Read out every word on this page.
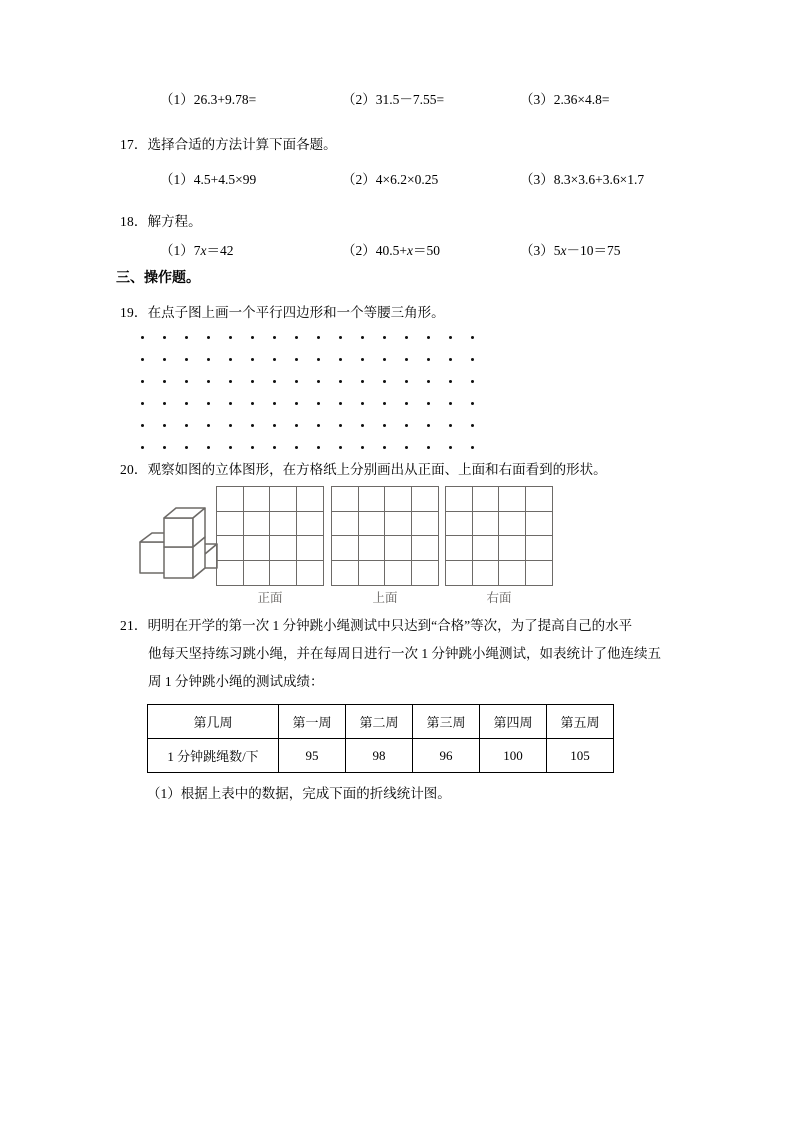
（1）26.3+9.78=	（2）31.5－7.55=	（3）2.36×4.8=
17．选择合适的方法计算下面各题。
（1）4.5+4.5×99	（2）4×6.2×0.25	（3）8.3×3.6+3.6×1.7
18．解方程。
（1）7x＝42	（2）40.5+x＝50	（3）5x－10＝75
三、操作题。
19．在点子图上画一个平行四边形和一个等腰三角形。
20．观察如图的立体图形，在方格纸上分别画出从正面、上面和右面看到的形状。
正面	上面	右面
21．明明在开学的第一次 1 分钟跳小绳测试中只达到“合格”等次，为了提高自己的水平
他每天坚持练习跳小绳，并在每周日进行一次 1 分钟跳小绳测试，如表统计了他连续五
周 1 分钟跳小绳的测试成绩：
第几周	第一周	第二周	第三周	第四周	第五周
1 分钟跳绳数/下	95	98	96	100	105
（1）根据上表中的数据，完成下面的折线统计图。
